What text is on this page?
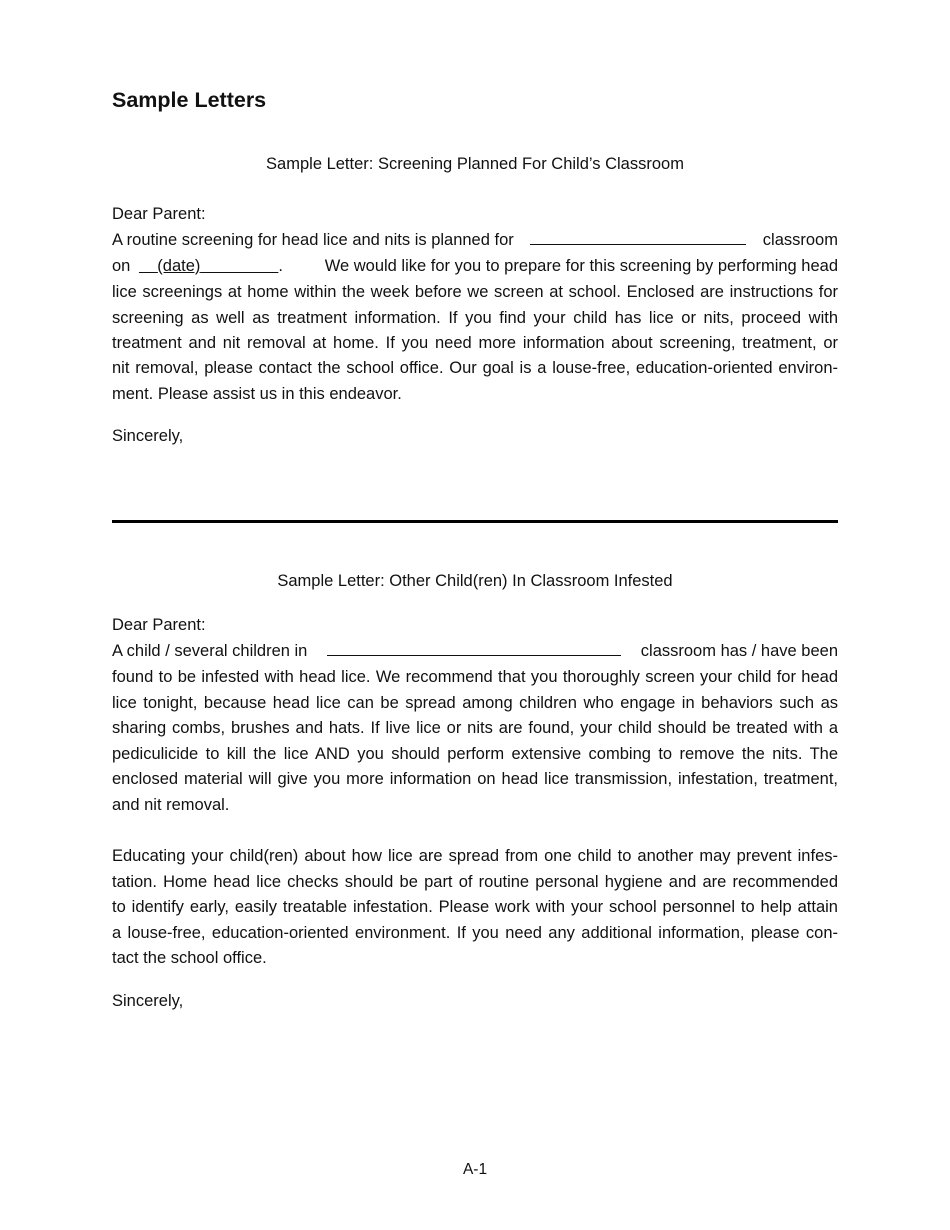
Sample Letters
Sample Letter: Screening Planned For Child’s Classroom
Dear Parent:
A routine screening for head lice and nits is planned for	classroom
on (date)	.	We would like for you to prepare for this screening by performing head
lice screenings at home within the week before we screen at school. Enclosed are instructions for
screening as well as treatment information. If you find your child has lice or nits, proceed with
treatment and nit removal at home. If you need more information about screening, treatment, or
nit removal, please contact the school office. Our goal is a louse-free, education-oriented environ-
ment. Please assist us in this endeavor.
Sincerely,
Sample Letter: Other Child(ren) In Classroom Infested
Dear Parent:
A child / several children in	classroom has / have been
found to be infested with head lice. We recommend that you thoroughly screen your child for head
lice tonight, because head lice can be spread among children who engage in behaviors such as
sharing combs, brushes and hats. If live lice or nits are found, your child should be treated with a
pediculicide to kill the lice AND you should perform extensive combing to remove the nits. The
enclosed material will give you more information on head lice transmission, infestation, treatment,
and nit removal.
Educating your child(ren) about how lice are spread from one child to another may prevent infes-
tation. Home head lice checks should be part of routine personal hygiene and are recommended
to identify early, easily treatable infestation. Please work with your school personnel to help attain
a louse-free, education-oriented environment. If you need any additional information, please con-
tact the school office.
Sincerely,
A-1
